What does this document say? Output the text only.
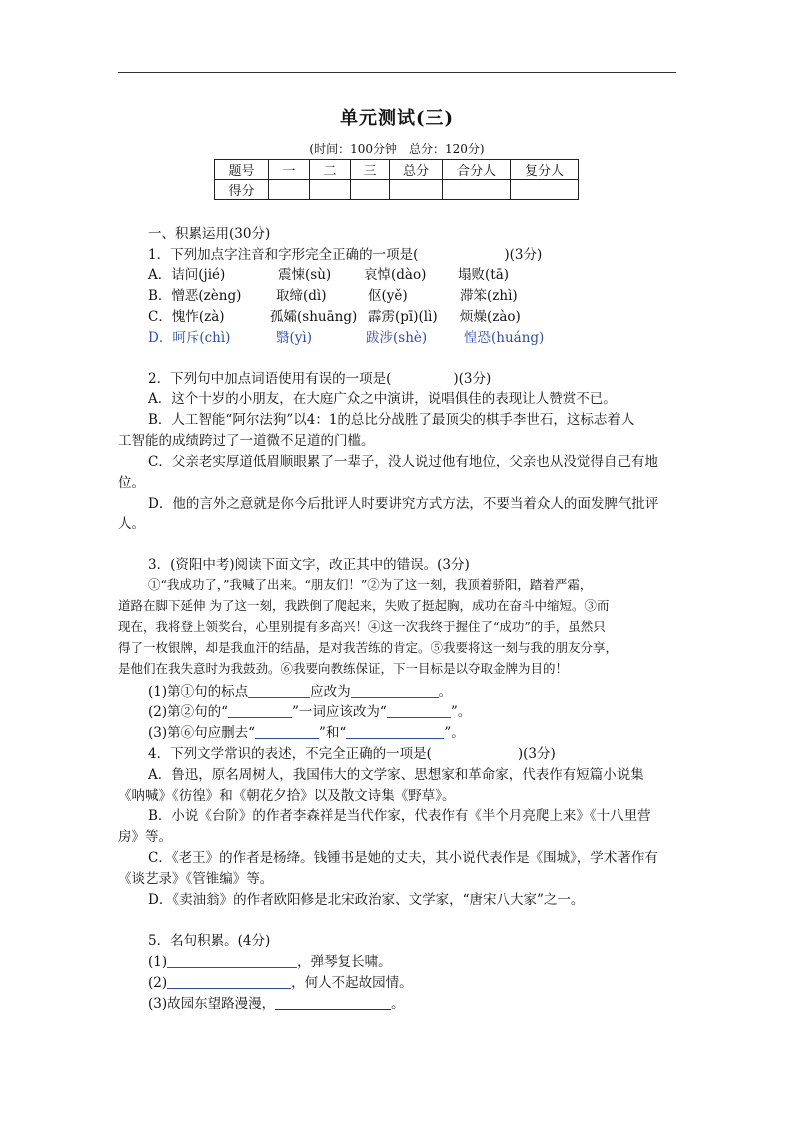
单元测试(三)
(时间：100分钟　总分：120分)
题号	一	二	三	总分	合分人	复分人
得分						
一、积累运用(30分)
1．下列加点字注音和字形完全正确的一项是(	)(3分)
A．诘问(jié)	震悚(sù) 哀悼(dào) 塌败(tā)
B．憎恶(zèng)	取缔(dì)	伛(yě)	滞笨(zhì)
C．愧怍(zà)	孤孀(shuāng) 霹雳(pī)(lì) 烦燥(zào)
D．呵斥(chì)	翳(yì)	跋涉(shè)	惶恐(huáng)
2．下列句中加点词语使用有误的一项是(	)(3分)
A．这个十岁的小朋友，在大庭广众之中演讲，说唱俱佳的表现让人赞赏不已。
B．人工智能“阿尔法狗”以4：1的总比分战胜了最顶尖的棋手李世石，这标志着人
工智能的成绩跨过了一道微不足道的门槛。
C．父亲老实厚道低眉顺眼累了一辈子，没人说过他有地位，父亲也从没觉得自己有地
位。
D．他的言外之意就是你今后批评人时要讲究方式方法，不要当着众人的面发脾气批评
人。
3．(资阳中考)阅读下面文字，改正其中的错误。(3分)
①“我成功了，”我喊了出来。“朋友们！”②为了这一刻，我顶着骄阳，踏着严霜，
道路在脚下延伸 为了这一刻，我跌倒了爬起来，失败了挺起胸，成功在奋斗中缩短。③而
现在，我将登上领奖台，心里别提有多高兴！④这一次我终于握住了“成功”的手，虽然只
得了一枚银牌，却是我血汗的结晶，是对我苦练的肯定。⑤我要将这一刻与我的朋友分享，
是他们在我失意时为我鼓劲。⑥我要向教练保证，下一目标是以夺取金牌为目的！
(1)第①句的标点	应改为	。
(2)第②句的“	”一词应该改为“	”。
(3)第⑥句应删去“	”和“	”。
4．下列文学常识的表述，不完全正确的一项是(	)(3分)
A．鲁迅，原名周树人，我国伟大的文学家、思想家和革命家，代表作有短篇小说集
《呐喊》《彷徨》和《朝花夕拾》以及散文诗集《野草》。
B．小说《台阶》的作者李森祥是当代作家，代表作有《半个月亮爬上来》《十八里营
房》等。
C．《老王》的作者是杨绛。钱锺书是她的丈夫，其小说代表作是《围城》，学术著作有
《谈艺录》《管锥编》等。
D．《卖油翁》的作者欧阳修是北宋政治家、文学家，“唐宋八大家”之一。
5．名句积累。(4分)
(1)	，弹琴复长啸。
(2)	，何人不起故园情。
(3)故园东望路漫漫，	。
